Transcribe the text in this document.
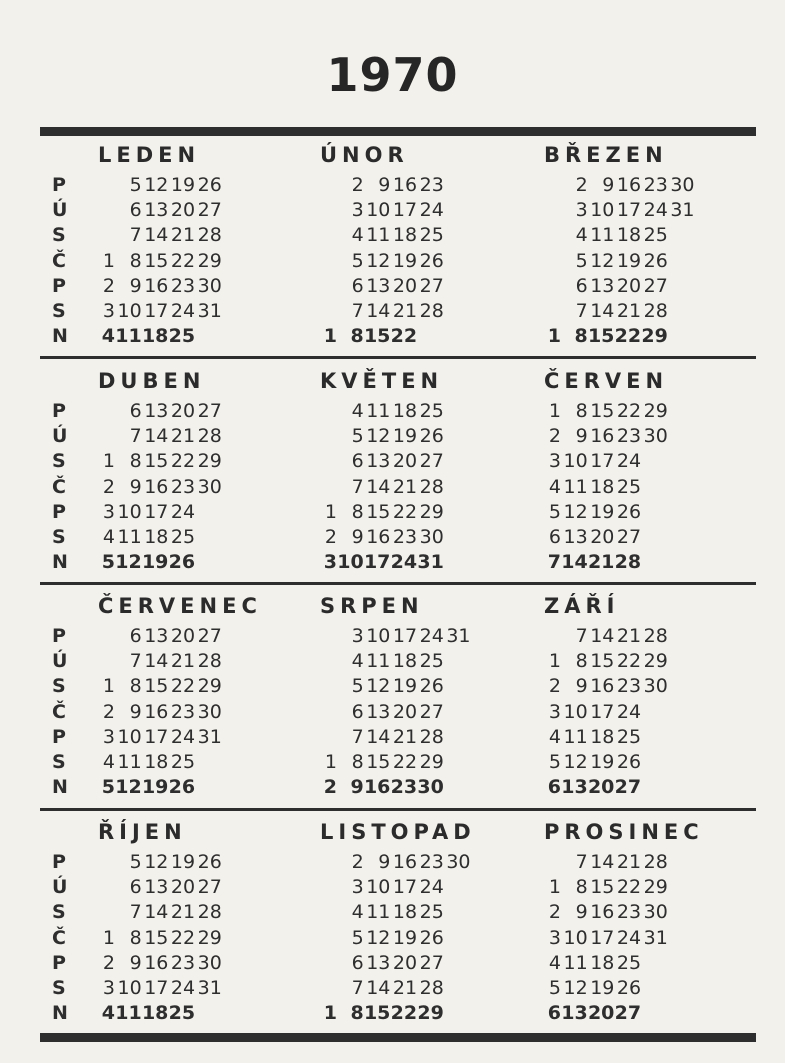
1970
P
Ú
S
Č
P
S
N
LEDEN
5 12 19 26
6 13 20 27
7 14 21 28
1 8 15 22 29
2 9 16 23 30
3 10 17 24 31
4 11 18 25
ÚNOR
2 9 16 23
3 10 17 24
4 11 18 25
5 12 19 26
6 13 20 27
7 14 21 28
1 8 15 22
BŘEZEN
2 9 16 23 30
3 10 17 24 31
4 11 18 25
5 12 19 26
6 13 20 27
7 14 21 28
1 8 15 22 29
P
Ú
S
Č
P
S
N
DUBEN
6 13 20 27
7 14 21 28
1 8 15 22 29
2 9 16 23 30
3 10 17 24
4 11 18 25
5 12 19 26
KVĚTEN
4 11 18 25
5 12 19 26
6 13 20 27
7 14 21 28
1 8 15 22 29
2 9 16 23 30
3 10 17 24 31
ČERVEN
1 8 15 22 29
2 9 16 23 30
3 10 17 24
4 11 18 25
5 12 19 26
6 13 20 27
7 14 21 28
P
Ú
S
Č
P
S
N
ČERVENEC
6 13 20 27
7 14 21 28
1 8 15 22 29
2 9 16 23 30
3 10 17 24 31
4 11 18 25
5 12 19 26
SRPEN
3 10 17 24 31
4 11 18 25
5 12 19 26
6 13 20 27
7 14 21 28
1 8 15 22 29
2 9 16 23 30
ZÁŘÍ
7 14 21 28
1 8 15 22 29
2 9 16 23 30
3 10 17 24
4 11 18 25
5 12 19 26
6 13 20 27
P
Ú
S
Č
P
S
N
ŘÍJEN
5 12 19 26
6 13 20 27
7 14 21 28
1 8 15 22 29
2 9 16 23 30
3 10 17 24 31
4 11 18 25
LISTOPAD
2 9 16 23 30
3 10 17 24
4 11 18 25
5 12 19 26
6 13 20 27
7 14 21 28
1 8 15 22 29
PROSINEC
7 14 21 28
1 8 15 22 29
2 9 16 23 30
3 10 17 24 31
4 11 18 25
5 12 19 26
6 13 20 27
